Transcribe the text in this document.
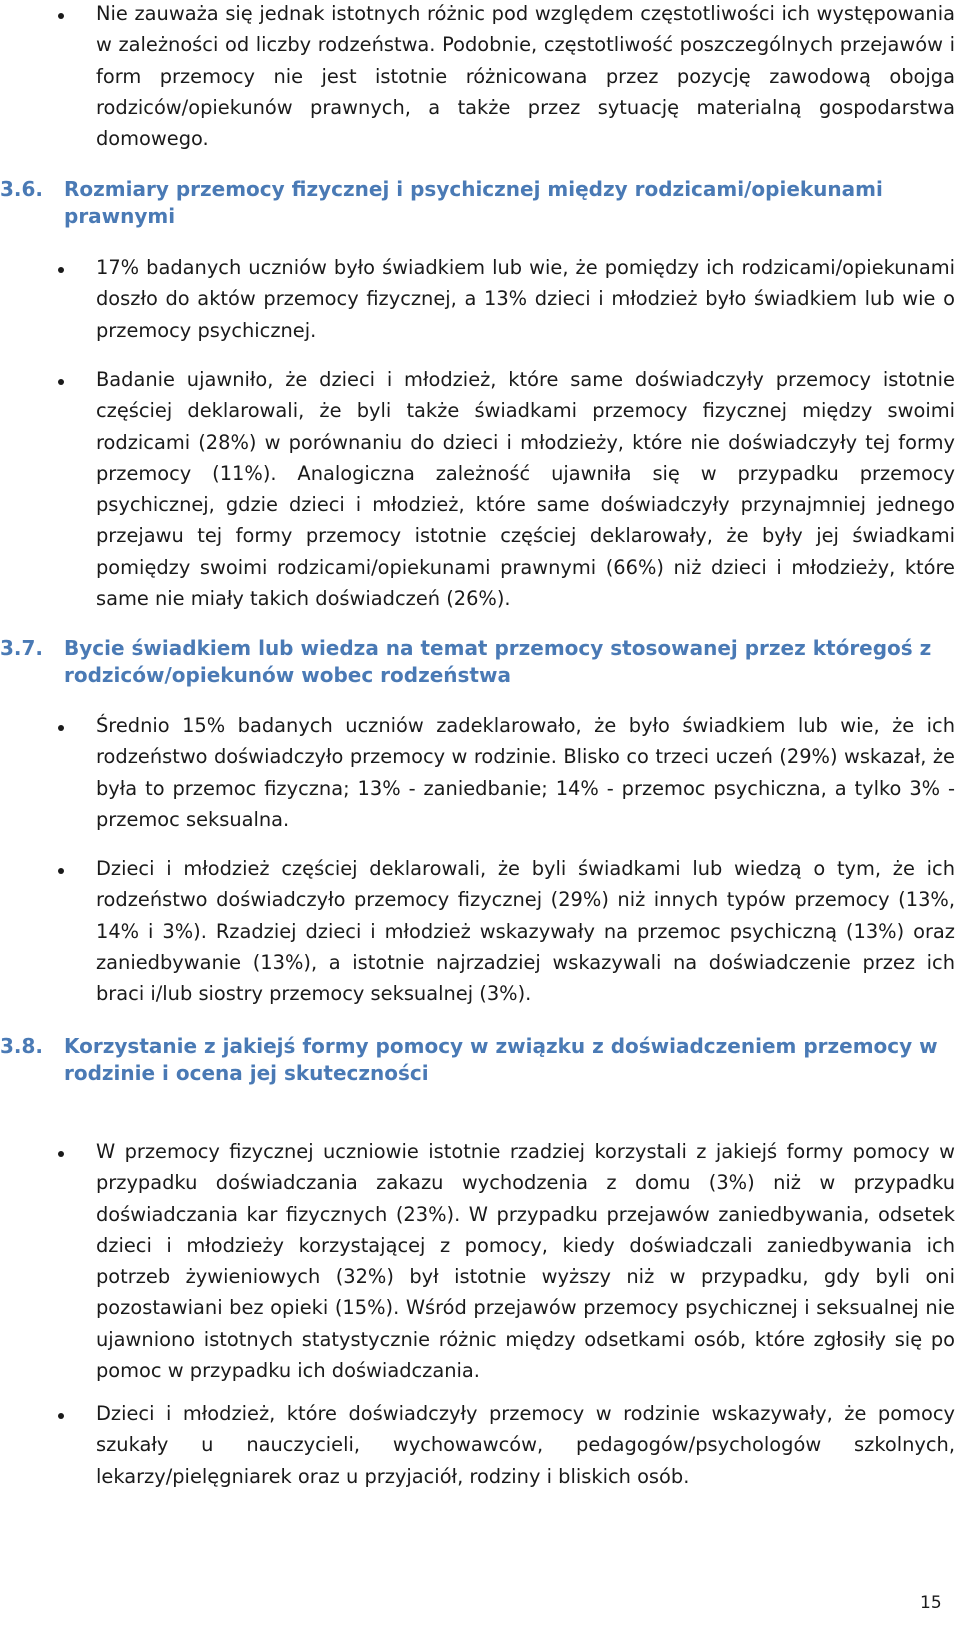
Nie zauważa się jednak istotnych różnic pod względem częstotliwości ich występowania w zależności od liczby rodzeństwa. Podobnie, częstotliwość poszczególnych przejawów i form przemocy nie jest istotnie różnicowana przez pozycję zawodową obojga rodziców/opiekunów prawnych, a także przez sytuację materialną gospodarstwa domowego.

3.6. Rozmiary przemocy fizycznej i psychicznej między rodzicami/opiekunami prawnymi

17% badanych uczniów było świadkiem lub wie, że pomiędzy ich rodzicami/opiekunami doszło do aktów przemocy fizycznej, a 13% dzieci i młodzież było świadkiem lub wie o przemocy psychicznej.

Badanie ujawniło, że dzieci i młodzież, które same doświadczyły przemocy istotnie częściej deklarowali, że byli także świadkami przemocy fizycznej między swoimi rodzicami (28%) w porównaniu do dzieci i młodzieży, które nie doświadczyły tej formy przemocy (11%). Analogiczna zależność ujawniła się w przypadku przemocy psychicznej, gdzie dzieci i młodzież, które same doświadczyły przynajmniej jednego przejawu tej formy przemocy istotnie częściej deklarowały, że były jej świadkami pomiędzy swoimi rodzicami/opiekunami prawnymi (66%) niż dzieci i młodzieży, które same nie miały takich doświadczeń (26%).

3.7. Bycie świadkiem lub wiedza na temat przemocy stosowanej przez któregoś z rodziców/opiekunów wobec rodzeństwa

Średnio 15% badanych uczniów zadeklarowało, że było świadkiem lub wie, że ich rodzeństwo doświadczyło przemocy w rodzinie. Blisko co trzeci uczeń (29%) wskazał, że była to przemoc fizyczna; 13% - zaniedbanie; 14% - przemoc psychiczna, a tylko 3% - przemoc seksualna.

Dzieci i młodzież częściej deklarowali, że byli świadkami lub wiedzą o tym, że ich rodzeństwo doświadczyło przemocy fizycznej (29%) niż innych typów przemocy (13%, 14% i 3%). Rzadziej dzieci i młodzież wskazywały na przemoc psychiczną (13%) oraz zaniedbywanie (13%), a istotnie najrzadziej wskazywali na doświadczenie przez ich braci i/lub siostry przemocy seksualnej (3%).

3.8. Korzystanie z jakiejś formy pomocy w związku z doświadczeniem przemocy w rodzinie i ocena jej skuteczności

W przemocy fizycznej uczniowie istotnie rzadziej korzystali z jakiejś formy pomocy w przypadku doświadczania zakazu wychodzenia z domu (3%) niż w przypadku doświadczania kar fizycznych (23%). W przypadku przejawów zaniedbywania, odsetek dzieci i młodzieży korzystającej z pomocy, kiedy doświadczali zaniedbywania ich potrzeb żywieniowych (32%) był istotnie wyższy niż w przypadku, gdy byli oni pozostawiani bez opieki (15%). Wśród przejawów przemocy psychicznej i seksualnej nie ujawniono istotnych statystycznie różnic między odsetkami osób, które zgłosiły się po pomoc w przypadku ich doświadczania.

Dzieci i młodzież, które doświadczyły przemocy w rodzinie wskazywały, że pomocy szukały u nauczycieli, wychowawców, pedagogów/psychologów szkolnych, lekarzy/pielęgniarek oraz u przyjaciół, rodziny i bliskich osób.

15
